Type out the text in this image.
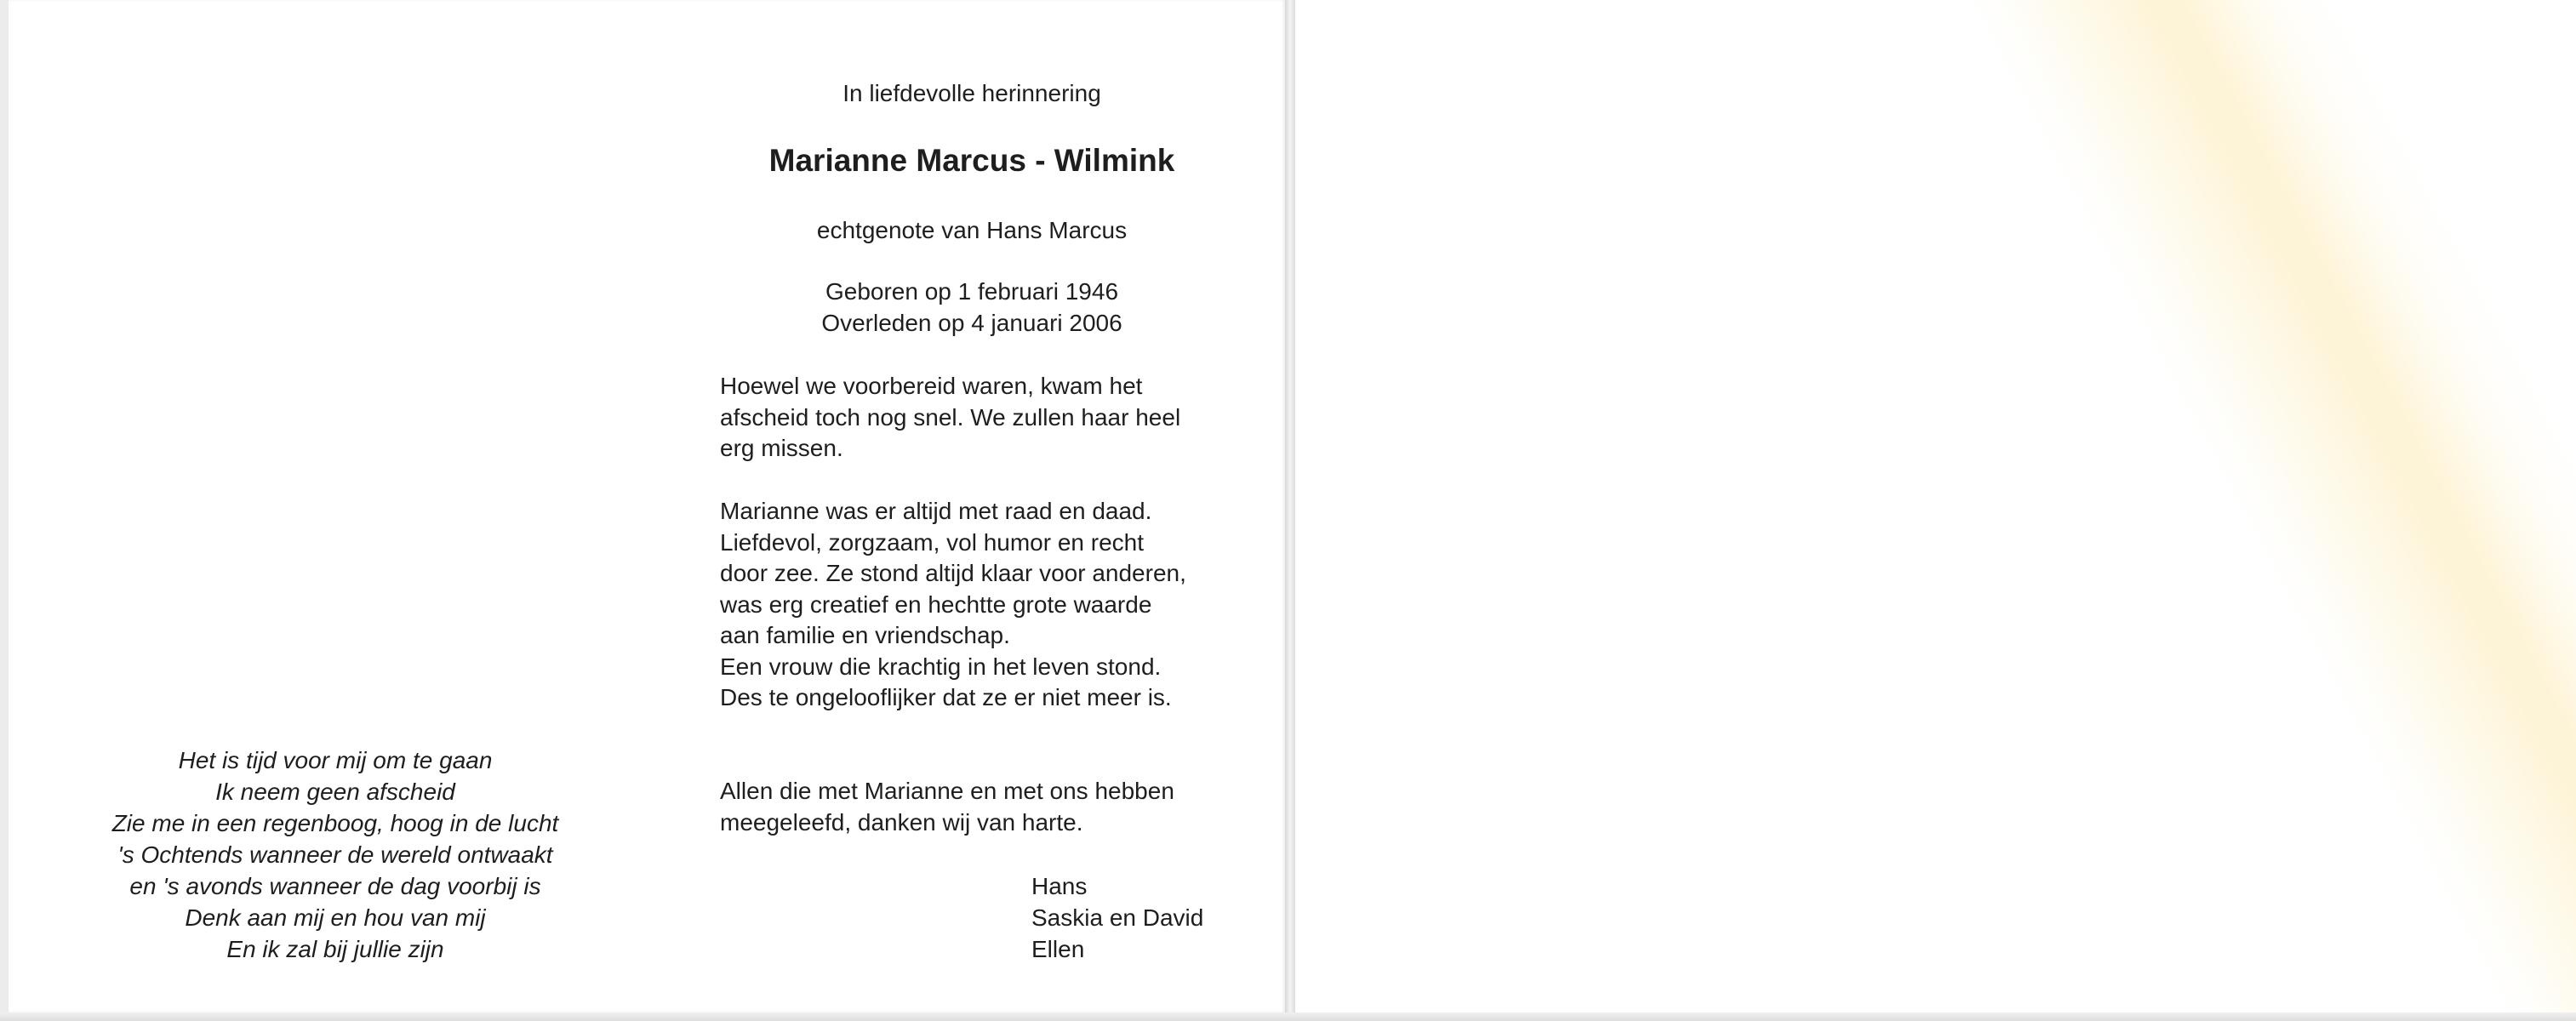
Het is tijd voor mij om te gaan
Ik neem geen afscheid
Zie me in een regenboog, hoog in de lucht
's Ochtends wanneer de wereld ontwaakt
en 's avonds wanneer de dag voorbij is
Denk aan mij en hou van mij
En ik zal bij jullie zijn
In liefdevolle herinnering
Marianne Marcus - Wilmink
echtgenote van Hans Marcus
Geboren op 1 februari 1946
Overleden op 4 januari 2006
Hoewel we voorbereid waren, kwam het
afscheid toch nog snel. We zullen haar heel
erg missen.
Marianne was er altijd met raad en daad.
Liefdevol, zorgzaam, vol humor en recht
door zee. Ze stond altijd klaar voor anderen,
was erg creatief en hechtte grote waarde
aan familie en vriendschap.
Een vrouw die krachtig in het leven stond.
Des te ongelooflijker dat ze er niet meer is.
Allen die met Marianne en met ons hebben
meegeleefd, danken wij van harte.
Hans
Saskia en David
Ellen
